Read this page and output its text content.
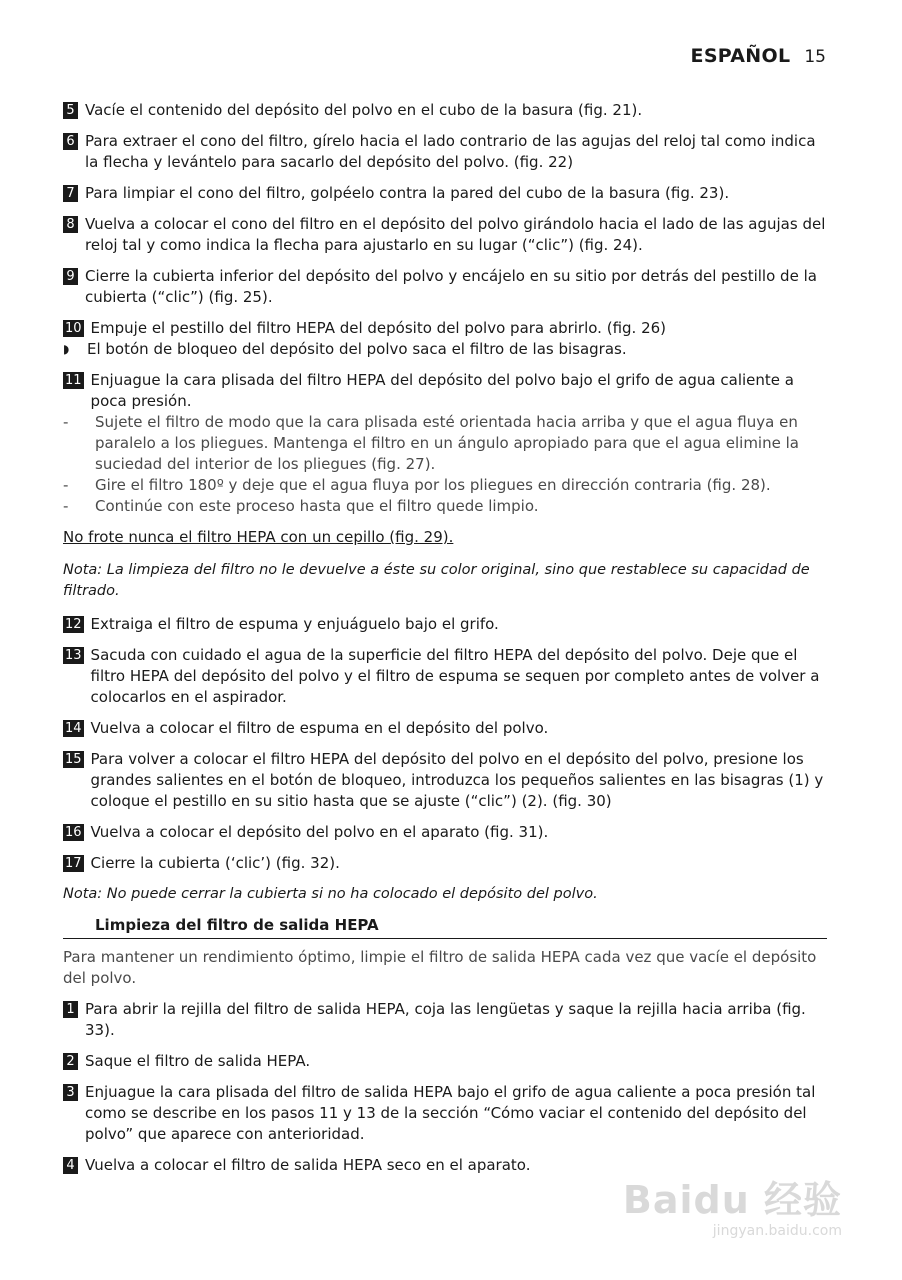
ESPAÑOL 15
5 Vacíe el contenido del depósito del polvo en el cubo de la basura (fig. 21).
6 Para extraer el cono del filtro, gírelo hacia el lado contrario de las agujas del reloj tal como indica la flecha y levántelo para sacarlo del depósito del polvo. (fig. 22)
7 Para limpiar el cono del filtro, golpéelo contra la pared del cubo de la basura (fig. 23).
8 Vuelva a colocar el cono del filtro en el depósito del polvo girándolo hacia el lado de las agujas del reloj tal y como indica la flecha para ajustarlo en su lugar (“clic”) (fig. 24).
9 Cierre la cubierta inferior del depósito del polvo y encájelo en su sitio por detrás del pestillo de la cubierta (“clic”) (fig. 25).
10 Empuje el pestillo del filtro HEPA del depósito del polvo para abrirlo. (fig. 26)
◗	El botón de bloqueo del depósito del polvo saca el filtro de las bisagras.
11 Enjuague la cara plisada del filtro HEPA del depósito del polvo bajo el grifo de agua caliente a poca presión.
-	Sujete el filtro de modo que la cara plisada esté orientada hacia arriba y que el agua fluya en paralelo a los pliegues. Mantenga el filtro en un ángulo apropiado para que el agua elimine la suciedad del interior de los pliegues (fig. 27).
-	Gire el filtro 180º y deje que el agua fluya por los pliegues en dirección contraria (fig. 28).
-	Continúe con este proceso hasta que el filtro quede limpio.
No frote nunca el filtro HEPA con un cepillo (fig. 29).
Nota: La limpieza del filtro no le devuelve a éste su color original, sino que restablece su capacidad de filtrado.
12 Extraiga el filtro de espuma y enjuáguelo bajo el grifo.
13 Sacuda con cuidado el agua de la superficie del filtro HEPA del depósito del polvo. Deje que el filtro HEPA del depósito del polvo y el filtro de espuma se sequen por completo antes de volver a colocarlos en el aspirador.
14 Vuelva a colocar el filtro de espuma en el depósito del polvo.
15 Para volver a colocar el filtro HEPA del depósito del polvo en el depósito del polvo, presione los grandes salientes en el botón de bloqueo, introduzca los pequeños salientes en las bisagras (1) y coloque el pestillo en su sitio hasta que se ajuste (“clic”) (2). (fig. 30)
16 Vuelva a colocar el depósito del polvo en el aparato (fig. 31).
17 Cierre la cubierta (‘clic’) (fig. 32).
Nota: No puede cerrar la cubierta si no ha colocado el depósito del polvo.
Limpieza del filtro de salida HEPA
Para mantener un rendimiento óptimo, limpie el filtro de salida HEPA cada vez que vacíe el depósito del polvo.
1 Para abrir la rejilla del filtro de salida HEPA, coja las lengüetas y saque la rejilla hacia arriba (fig. 33).
2 Saque el filtro de salida HEPA.
3 Enjuague la cara plisada del filtro de salida HEPA bajo el grifo de agua caliente a poca presión tal como se describe en los pasos 11 y 13 de la sección “Cómo vaciar el contenido del depósito del polvo” que aparece con anterioridad.
4 Vuelva a colocar el filtro de salida HEPA seco en el aparato.
Baidu 经验
jingyan.baidu.com
